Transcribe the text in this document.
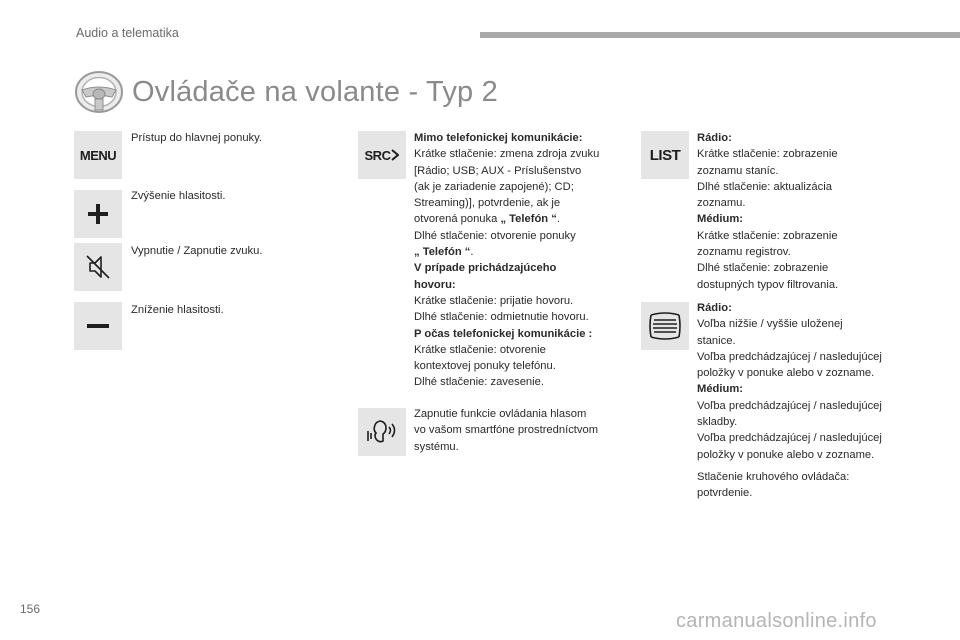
Audio a telematika
Ovládače na volante - Typ 2
MENU
Prístup do hlavnej ponuky.
Zvýšenie hlasitosti.
Vypnutie / Zapnutie zvuku.
Zníženie hlasitosti.
SRC
Mimo telefonickej komunikácie:
Krátke stlačenie: zmena zdroja zvuku
[Rádio; USB; AUX - Príslušenstvo
(ak je zariadenie zapojené); CD;
Streaming)], potvrdenie, ak je
otvorená ponuka „ Telefón “.
Dlhé stlačenie: otvorenie ponuky
„ Telefón “.
V prípade prichádzajúceho
hovoru:
Krátke stlačenie: prijatie hovoru.
Dlhé stlačenie: odmietnutie hovoru.
P očas telefonickej komunikácie :
Krátke stlačenie: otvorenie
kontextovej ponuky telefónu.
Dlhé stlačenie: zavesenie.
Zapnutie funkcie ovládania hlasom
vo vašom smartfóne prostredníctvom
systému.
LIST
Rádio:
Krátke stlačenie: zobrazenie
zoznamu staníc.
Dlhé stlačenie: aktualizácia
zoznamu.
Médium:
Krátke stlačenie: zobrazenie
zoznamu registrov.
Dlhé stlačenie: zobrazenie
dostupných typov filtrovania.
Rádio:
Voľba nižšie / vyššie uloženej
stanice.
Voľba predchádzajúcej / nasledujúcej
položky v ponuke alebo v zozname.
Médium:
Voľba predchádzajúcej / nasledujúcej
skladby.
Voľba predchádzajúcej / nasledujúcej
položky v ponuke alebo v zozname.
Stlačenie kruhového ovládača:
potvrdenie.
156
carmanualsonline.info
